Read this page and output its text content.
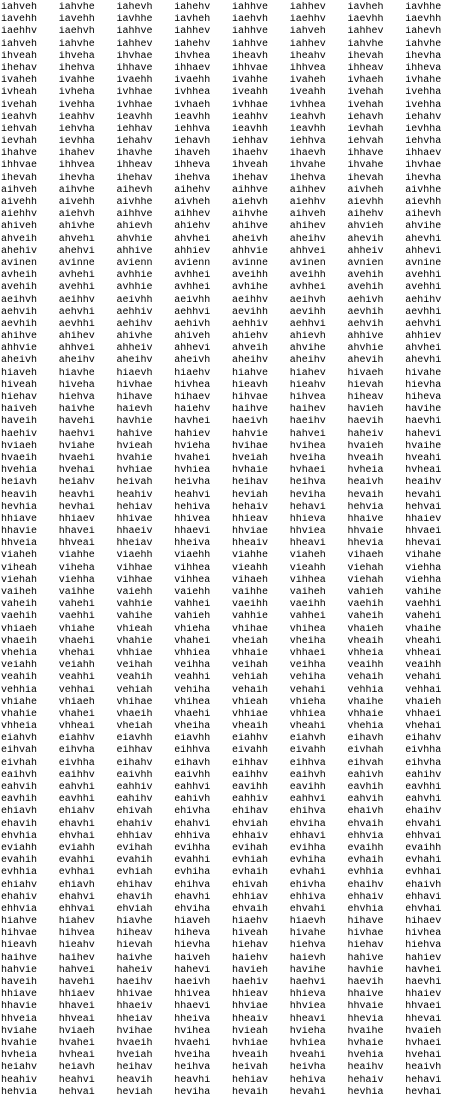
iahveh	iahvhe	iahevh	iahehv	iahhve	iahhev	iavheh	iavhhe
iavehh	iavehh	iavhhe	iavheh	iaehvh	iaehhv	iaevhh	iaevhh
iaehhv	iaehvh	iahhve	iahhev	iahhve	iahveh	iahhev	iahevh
iahveh	iahvhe	iahhev	iahehv	iahhve	iahhev	iahvhe	iahvhe
ihveah	ihveha	ihvhae	ihvhea	iheavh	iheahv	ihevah	ihevha
ihehav	ihehva	ihhave	ihhaev	ihhvae	ihhvea	ihheav	ihheva
ivaheh	ivahhe	ivaehh	ivaehh	ivahhe	ivaheh	ivhaeh	ivhahe
ivheah	ivheha	ivhhae	ivhhea	iveahh	iveahh	ivehah	ivehha
ivehah	ivehha	ivhhae	ivhaeh	ivhhae	ivhhea	ivehah	ivehha
ieahvh	ieahhv	ieavhh	ieavhh	ieahhv	ieahvh	iehavh	iehahv
iehvah	iehvha	iehhav	iehhva	ieavhh	ieavhh	ievhah	ievhha
ievhah	ievhha	iehahv	iehavh	iehhav	iehhva	iehvah	iehvha
ihahve	ihahev	ihavhe	ihaveh	ihaehv	ihaevh	ihhave	ihhaev
ihhvae	ihhvea	ihheav	ihheva	ihveah	ihvahe	ihvahe	ihvhae
ihevah	ihevha	ihehav	ihehva	ihehav	ihehva	ihevah	ihevha
aihveh	aihvhe	aihevh	aihehv	aihhve	aihhev	aivheh	aivhhe
aivehh	aivehh	aivhhe	aivheh	aiehvh	aiehhv	aievhh	aievhh
aiehhv	aiehvh	aihhve	aihhev	aihvhe	aihveh	aihehv	aihevh
ahiveh	ahivhe	ahievh	ahiehv	ahihve	ahihev	ahvieh	ahvihe
ahveih	ahvehı	ahvhie	ahvhei	aheivh	aheihv	ahevih	ahevhi
ahehiv	ahehvi	ahhive	ahhiev	ahhvie	ahhvei	ahheiv	ahhevi
avinen	avinne	avienn	avienn	avinne	avinen	avnien	avnine
avheih	avhehi	avhhie	avhhei	aveihh	aveihh	avehih	avehhi
avehih	avehhi	avhhie	avhhei	avhihe	avhhei	avehih	avehhi
aeihvh	aeihhv	aeivhh	aeivhh	aeihhv	aeihvh	aehivh	aehihv
aehvih	aehvhi	aehhiv	aehhvi	aevihh	aevihh	aevhih	aevhhi
aevhih	aevhhi	aehihv	aehivh	aehhiv	aehhvi	aehvih	aehvhi
ahihve	ahihev	ahivhe	ahiveh	ahiehv	ahievh	ahhive	ahhiev
ahhvie	ahhvei	ahheiv	ahhevi	ahveih	ahvihe	ahvhie	ahvhei
aheivh	aheihv	aheihv	aheivh	aheihv	aheihv	ahevih	ahevhi
hiaveh	hiavhe	hiaevh	hiaehv	hiahve	hiahev	hivaeh	hivahe
hiveah	hiveha	hivhae	hivhea	hieavh	hieahv	hievah	hievha
hiehav	hiehva	hihave	hihaev	hihvae	hihvea	hiheav	hiheva
haiveh	haivhe	haievh	haiehv	haihve	haihev	havieh	havihe
haveih	havehi	havhie	havhei	haeivh	haeihv	haevih	haevhi
haehiv	haehvi	hahive	hahiev	hahvie	hahvei	haheiv	hahevi
hviaeh	hviahe	hvieah	hvieha	hvihae	hvihea	hvaieh	hvaihe
hvaeih	hvaehi	hvahie	hvahei	hveiah	hveiha	hveaih	hveahi
hvehia	hvehai	hvhiae	hvhiea	hvhaie	hvhaei	hvheia	hvheai
heiavh	heiahv	heivah	heivha	heihav	heihva	heaivh	heaihv
heavih	heavhi	heahiv	heahvi	heviah	heviha	hevaih	hevahi
hevhia	hevhai	hehiav	hehiva	hehaiv	hehavi	hehvia	hehvai
hhiave	hhiaev	hhivae	hhivea	hhieav	hhieva	hhaive	hhaiev
hhavie	hhavei	hhaeiv	hhaevi	hhviae	hhviea	hhvaie	hhvaei
hhveia	hhveai	hheiav	hheiva	hheaiv	hheavi	hhevia	hhevai
viaheh	viahhe	viaehh	viaehh	viahhe	viaheh	vihaeh	vihahe
viheah	viheha	vihhae	vihhea	vieahh	vieahh	viehah	viehha
viehah	viehha	vihhae	vihhea	vihaeh	vihhea	viehah	viehha
vaiheh	vaihhe	vaiehh	vaiehh	vaihhe	vaiheh	vahieh	vahihe
vaheih	vahehi	vahhie	vahhei	vaeihh	vaeihh	vaehih	vaehhi
vaehih	vaehhi	vahihe	vahieh	vahhie	vahhei	vaheih	vahehi
vhiaeh	vhiahe	vhieah	vhieha	vhihae	vhihea	vhaieh	vhaihe
vhaeih	vhaehi	vhahie	vhahei	vheiah	vheiha	vheaih	vheahi
vhehia	vhehai	vhhiae	vhhiea	vhhaie	vhhaei	vhheia	vhheai
veiahh	veiahh	veihah	veihha	veihah	veihha	veaihh	veaihh
veahih	veahhi	veahih	veahhi	vehiah	vehiha	vehaih	vehahi
vehhia	vehhai	vehiah	vehiha	vehaih	vehahi	vehhia	vehhai
vhiahe	vhiaeh	vhihae	vhihea	vhieah	vhieha	vhaihe	vhaieh
vhahie	vhahei	vhaeih	vhaehi	vhhiae	vhhiea	vhhaie	vhhaei
vhheia	vhheai	vheiah	vheiha	vheaih	vheahi	vhehia	vhehai
eiahvh	eiahhv	eiavhh	eiavhh	eiahhv	eiahvh	eihavh	eihahv
eihvah	eihvha	eihhav	eihhva	eivahh	eivahh	eivhah	eivhha
eivhah	eivhha	eihahv	eihavh	eihhav	eihhva	eihvah	eihvha
eaihvh	eaihhv	eaivhh	eaivhh	eaihhv	eaihvh	eahivh	eahihv
eahvih	eahvhi	eahhiv	eahhvi	eavihh	eavihh	eavhih	eavhhi
eavhih	eavhhi	eahihv	eahivh	eahhiv	eahhvi	eahvih	eahvhi
ehiavh	ehiahv	ehivah	ehivha	ehihav	ehihva	ehaivh	ehaihv
ehavih	ehavhi	ehahiv	ehahvi	ehviah	ehviha	ehvaih	ehvahi
ehvhia	ehvhai	ehhiav	ehhiva	ehhaiv	ehhavi	ehhvia	ehhvai
eviahh	eviahh	evihah	evihha	evihah	evihha	evaihh	evaihh
evahih	evahhi	evahih	evahhi	evhiah	evhiha	evhaih	evhahi
evhhia	evhhai	evhiah	evhiha	evhaih	evhahi	evhhia	evhhai
ehiahv	ehiavh	ehihav	ehihva	ehivah	ehivha	ehaihv	ehaivh
ehahiv	ehahvi	ehavih	ehavhi	ehhiav	ehhiva	ehhaiv	ehhavi
ehhvia	ehhvai	ehviah	ehviha	ehvaih	ehvahi	ehvhia	ehvhai
hiahve	hiahev	hiavhe	hiaveh	hiaehv	hiaevh	hihave	hihaev
hihvae	hihvea	hiheav	hiheva	hiveah	hivahe	hivhae	hivhea
hieavh	hieahv	hievah	hievha	hiehav	hiehva	hiehav	hiehva
haihve	haihev	haivhe	haiveh	haiehv	haievh	hahive	hahiev
hahvie	hahvei	haheiv	hahevi	havieh	havihe	havhie	havhei
haveih	havehi	haeihv	haeivh	haehiv	haehvi	haevih	haevhi
hhiave	hhiaev	hhivae	hhivea	hhieav	hhieva	hhaive	hhaiev
hhavie	hhavei	hhaeiv	hhaevi	hhviae	hhviea	hhvaie	hhvaei
hhveia	hhveai	hheiav	hheiva	hheaiv	hheavi	hhevia	hhevai
hviahe	hviaeh	hvihae	hvihea	hvieah	hvieha	hvaihe	hvaieh
hvahie	hvahei	hvaeih	hvaehi	hvhiae	hvhiea	hvhaie	hvhaei
hvheia	hvheai	hveiah	hveiha	hveaih	hveahi	hvehia	hvehai
heiahv	heiavh	heihav	heihva	heivah	heivha	heaihv	heaivh
heahiv	heahvi	heavih	heavhi	hehiav	hehiva	hehaiv	hehavi
hehvia	hehvai	heviah	heviha	hevaih	hevahi	hevhia	hevhai
